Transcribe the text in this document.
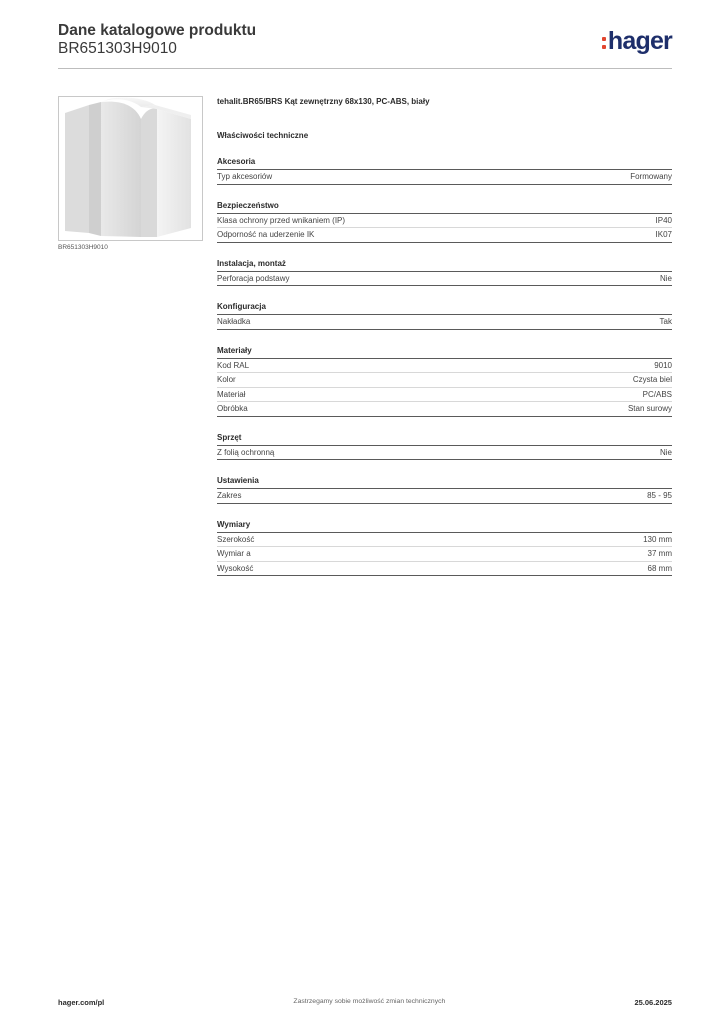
Dane katalogowe produktu
BR651303H9010	hager
BR651303H9010
tehalit.BR65/BRS Kąt zewnętrzny 68x130, PC-ABS, biały
Właściwości techniczne
Akcesoria
Typ akcesoriów	Formowany
Bezpieczeństwo
Klasa ochrony przed wnikaniem (IP)	IP40
Odporność na uderzenie IK	IK07
Instalacja, montaż
Perforacja podstawy	Nie
Konfiguracja
Nakładka	Tak
Materiały
Kod RAL	9010
Kolor	Czysta biel
Materiał	PC/ABS
Obróbka	Stan surowy
Sprzęt
Z folią ochronną	Nie
Ustawienia
Zakres	85 - 95
Wymiary
Szerokość	130 mm
Wymiar a	37 mm
Wysokość	68 mm
hager.com/pl	Zastrzegamy sobie możliwość zmian technicznych	25.06.2025
